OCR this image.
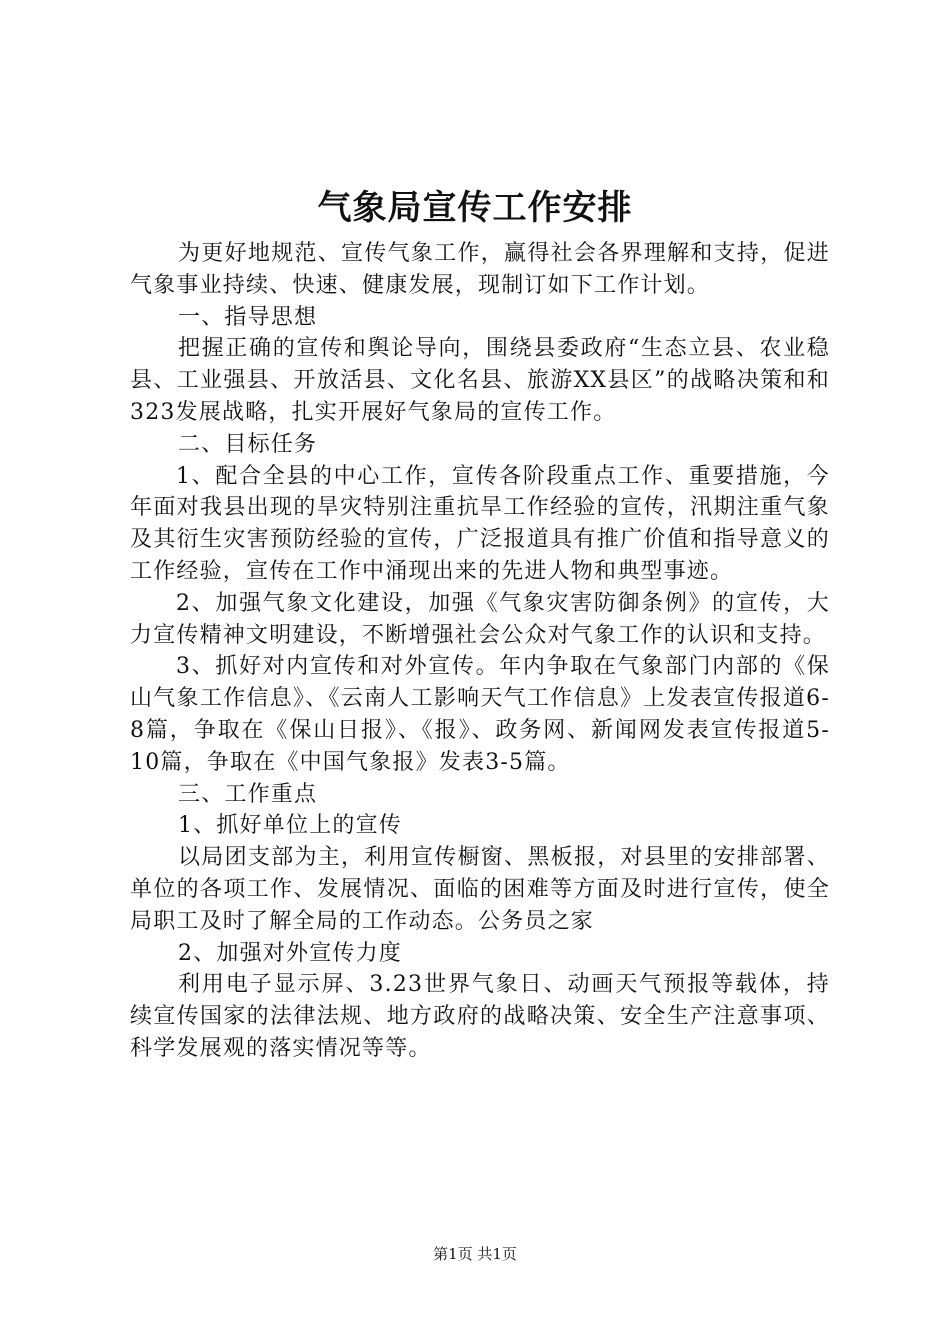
气象局宣传工作安排

为更好地规范、宣传气象工作，赢得社会各界理解和支持，促进气象事业持续、快速、健康发展，现制订如下工作计划。

一、指导思想

把握正确的宣传和舆论导向，围绕县委政府“生态立县、农业稳县、工业强县、开放活县、文化名县、旅游XX县区”的战略决策和和323发展战略，扎实开展好气象局的宣传工作。

二、目标任务

1、配合全县的中心工作，宣传各阶段重点工作、重要措施，今年面对我县出现的旱灾特别注重抗旱工作经验的宣传，汛期注重气象及其衍生灾害预防经验的宣传，广泛报道具有推广价值和指导意义的工作经验，宣传在工作中涌现出来的先进人物和典型事迹。

2、加强气象文化建设，加强《气象灾害防御条例》的宣传，大力宣传精神文明建设，不断增强社会公众对气象工作的认识和支持。

3、抓好对内宣传和对外宣传。年内争取在气象部门内部的《保山气象工作信息》、《云南人工影响天气工作信息》上发表宣传报道6-8篇，争取在《保山日报》、《报》、政务网、新闻网发表宣传报道5-10篇，争取在《中国气象报》发表3-5篇。

三、工作重点

1、抓好单位上的宣传

以局团支部为主，利用宣传橱窗、黑板报，对县里的安排部署、单位的各项工作、发展情况、面临的困难等方面及时进行宣传，使全局职工及时了解全局的工作动态。公务员之家

2、加强对外宣传力度

利用电子显示屏、3.23世界气象日、动画天气预报等载体，持续宣传国家的法律法规、地方政府的战略决策、安全生产注意事项、科学发展观的落实情况等等。

第1页 共1页
